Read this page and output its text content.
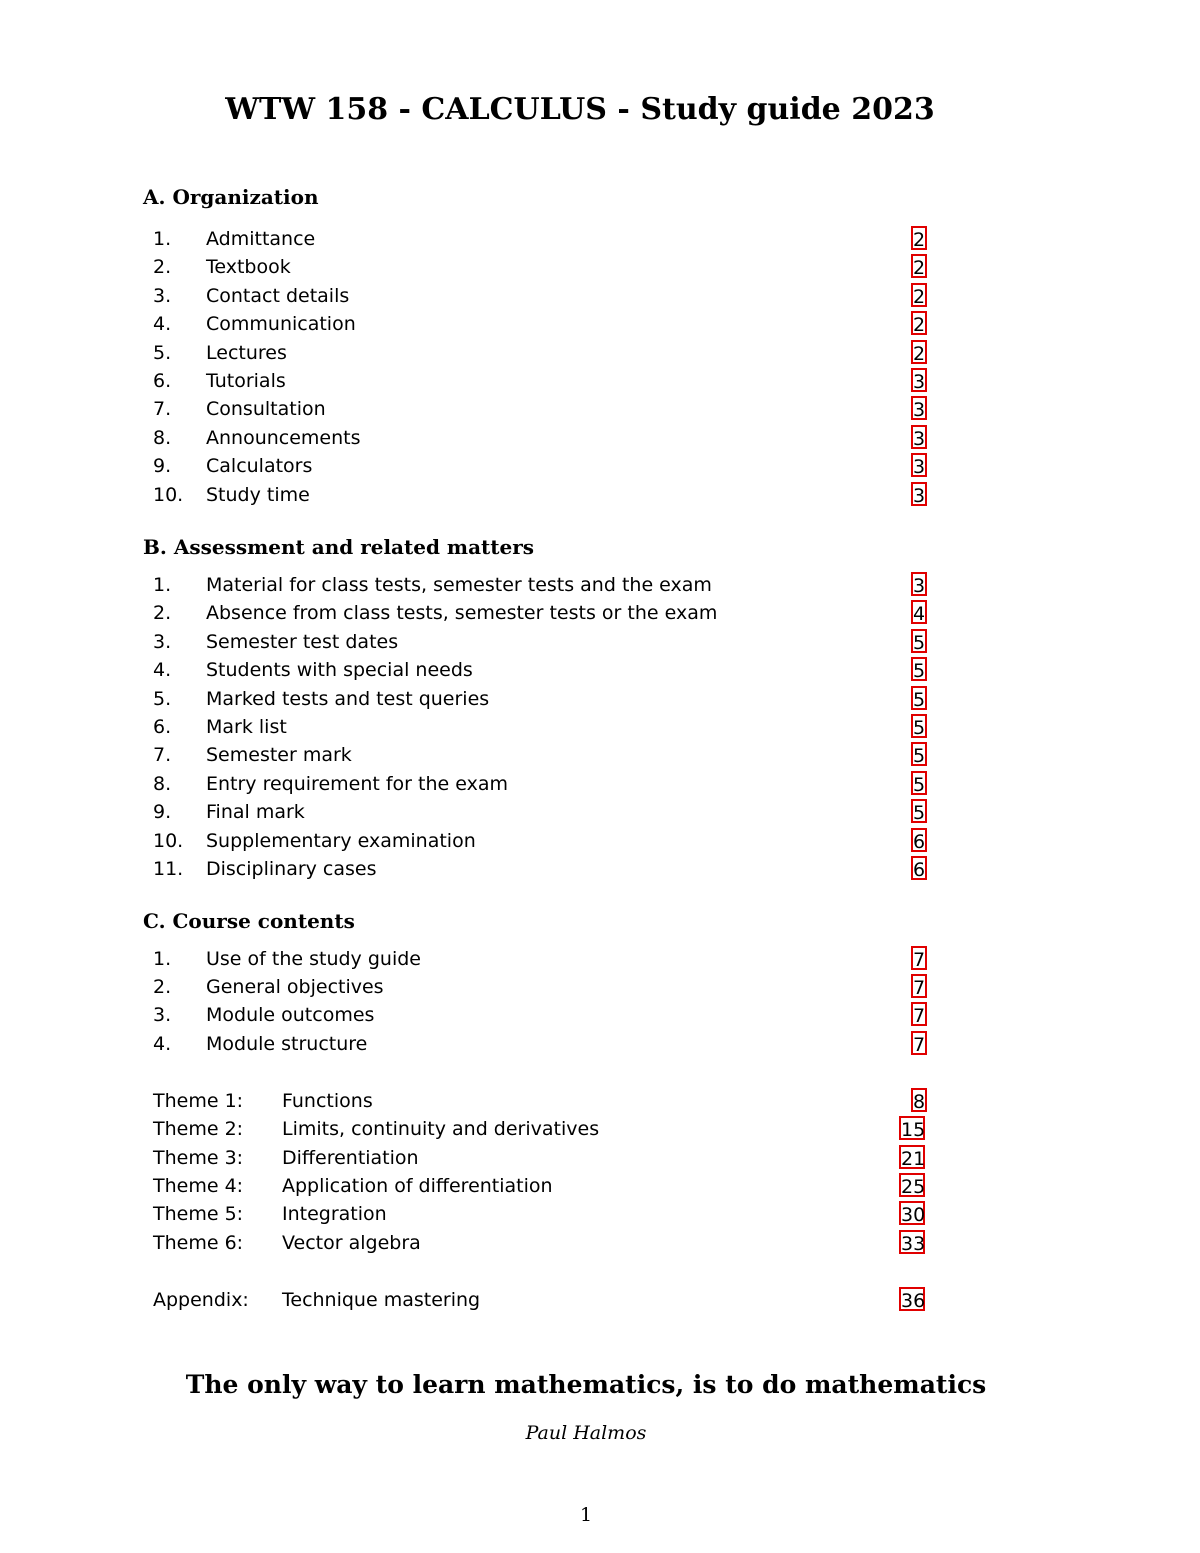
WTW 158 - CALCULUS - Study guide 2023
A. Organization
1. Admittance	2
2. Textbook	2
3. Contact details	2
4. Communication	2
5. Lectures	2
6. Tutorials	3
7. Consultation	3
8. Announcements	3
9. Calculators	3
10. Study time	3
B. Assessment and related matters
1. Material for class tests, semester tests and the exam	3
2. Absence from class tests, semester tests or the exam	4
3. Semester test dates	5
4. Students with special needs	5
5. Marked tests and test queries	5
6. Mark list	5
7. Semester mark	5
8. Entry requirement for the exam	5
9. Final mark	5
10. Supplementary examination	6
11. Disciplinary cases	6
C. Course contents
1. Use of the study guide	7
2. General objectives	7
3. Module outcomes	7
4. Module structure	7
Theme 1: Functions	8
Theme 2: Limits, continuity and derivatives	15
Theme 3: Differentiation	21
Theme 4: Application of differentiation	25
Theme 5: Integration	30
Theme 6: Vector algebra	33
Appendix: Technique mastering	36
The only way to learn mathematics, is to do mathematics
Paul Halmos
1
